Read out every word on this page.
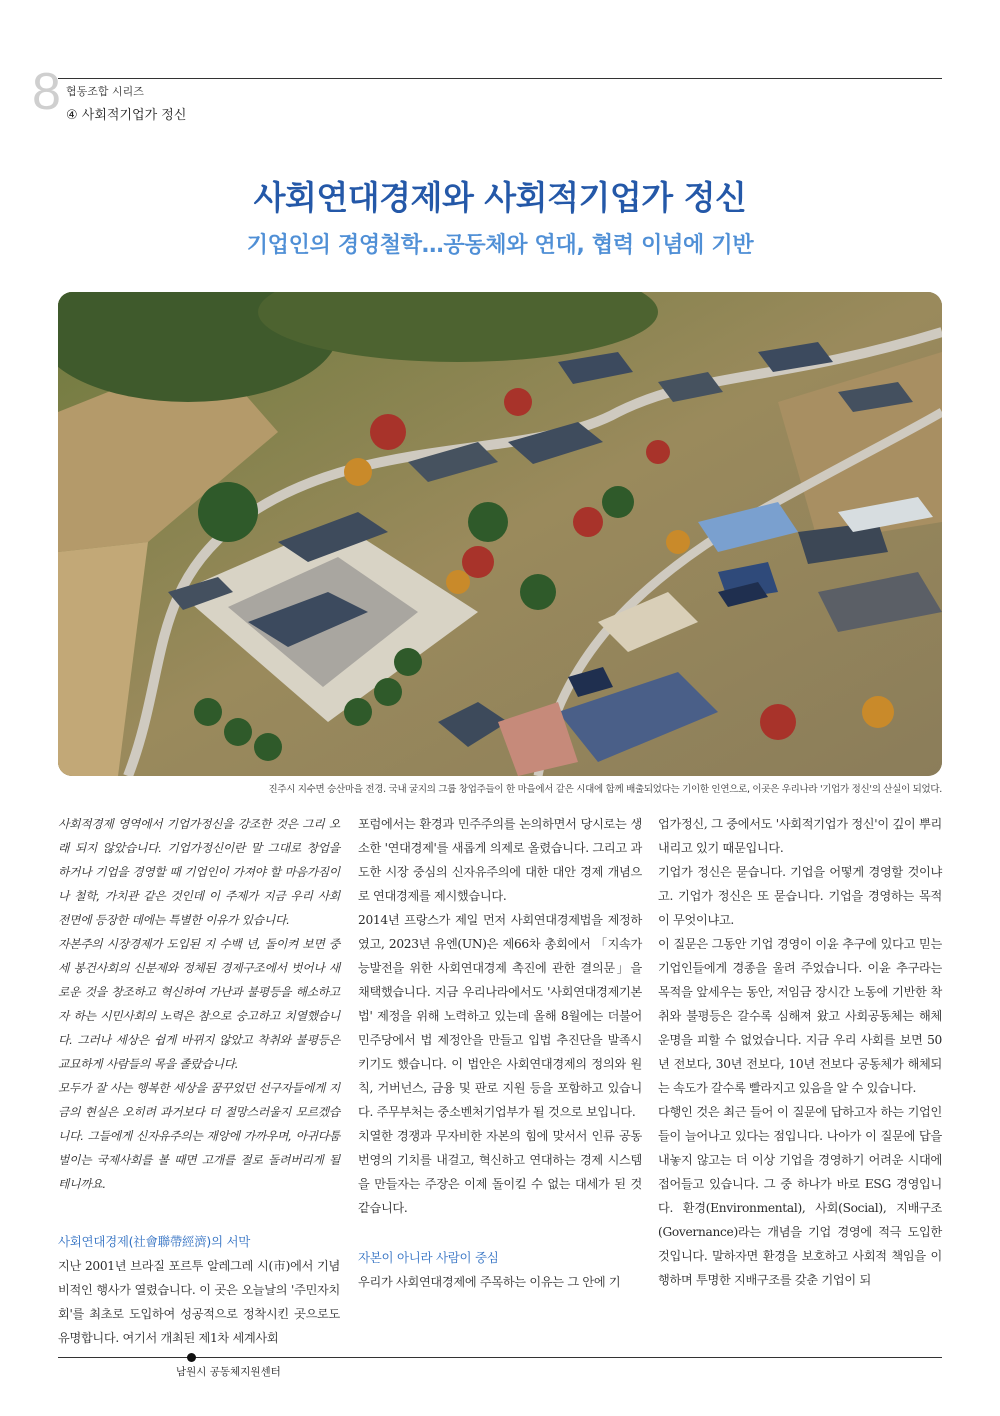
8 협동조합 시리즈
④ 사회적기업가 정신
사회연대경제와 사회적기업가 정신
기업인의 경영철학…공동체와 연대, 협력 이념에 기반
진주시 지수면 승산마을 전경. 국내 굴지의 그룹 창업주들이 한 마을에서 같은 시대에 함께 배출되었다는 기이한 인연으로, 이곳은 우리나라 '기업가 정신'의 산실이 되었다.

사회적경제 영역에서 기업가정신을 강조한 것은 그리 오래 되지 않았습니다. 기업가정신이란 말 그대로 창업을 하거나 기업을 경영할 때 기업인이 가져야 할 마음가짐이나 철학, 가치관 같은 것인데 이 주제가 지금 우리 사회 전면에 등장한 데에는 특별한 이유가 있습니다.

자본주의 시장경제가 도입된 지 수백 년, 돌이켜 보면 중세 봉건사회의 신분제와 정체된 경제구조에서 벗어나 새로운 것을 창조하고 혁신하여 가난과 불평등을 해소하고자 하는 시민사회의 노력은 참으로 숭고하고 치열했습니다. 그러나 세상은 쉽게 바뀌지 않았고 착취와 불평등은 교묘하게 사람들의 목을 졸랐습니다.

모두가 잘 사는 행복한 세상을 꿈꾸었던 선구자들에게 지금의 현실은 오히려 과거보다 더 절망스러울지 모르겠습니다. 그들에게 신자유주의는 재앙에 가까우며, 아귀다툼 벌이는 국제사회를 볼 때면 고개를 절로 돌려버리게 될 테니까요.

사회연대경제(社會聯帶經濟)의 서막

지난 2001년 브라질 포르투 알레그레 시(市)에서 기념비적인 행사가 열렸습니다. 이 곳은 오늘날의 '주민자치회'를 최초로 도입하여 성공적으로 정착시킨 곳으로도 유명합니다. 여기서 개최된 제1차 세계사회

포럼에서는 환경과 민주주의를 논의하면서 당시로는 생소한 '연대경제'를 새롭게 의제로 올렸습니다. 그리고 과도한 시장 중심의 신자유주의에 대한 대안 경제 개념으로 연대경제를 제시했습니다.

2014년 프랑스가 제일 먼저 사회연대경제법을 제정하였고, 2023년 유엔(UN)은 제66차 총회에서 「지속가능발전을 위한 사회연대경제 촉진에 관한 결의문」을 채택했습니다. 지금 우리나라에서도 '사회연대경제기본법' 제정을 위해 노력하고 있는데 올해 8월에는 더불어민주당에서 법 제정안을 만들고 입법 추진단을 발족시키기도 했습니다. 이 법안은 사회연대경제의 정의와 원칙, 거버넌스, 금융 및 판로 지원 등을 포함하고 있습니다. 주무부처는 중소벤처기업부가 될 것으로 보입니다.

치열한 경쟁과 무자비한 자본의 힘에 맞서서 인류 공동 번영의 기치를 내걸고, 혁신하고 연대하는 경제 시스템을 만들자는 주장은 이제 돌이킬 수 없는 대세가 된 것 같습니다.

자본이 아니라 사람이 중심

우리가 사회연대경제에 주목하는 이유는 그 안에 기

업가정신, 그 중에서도 '사회적기업가 정신'이 깊이 뿌리내리고 있기 때문입니다.

기업가 정신은 묻습니다. 기업을 어떻게 경영할 것이냐고. 기업가 정신은 또 묻습니다. 기업을 경영하는 목적이 무엇이냐고.

이 질문은 그동안 기업 경영이 이윤 추구에 있다고 믿는 기업인들에게 경종을 울려 주었습니다. 이윤 추구라는 목적을 앞세우는 동안, 저임금 장시간 노동에 기반한 착취와 불평등은 갈수록 심해져 왔고 사회공동체는 해체 운명을 피할 수 없었습니다. 지금 우리 사회를 보면 50년 전보다, 30년 전보다, 10년 전보다 공동체가 해체되는 속도가 갈수록 빨라지고 있음을 알 수 있습니다.

다행인 것은 최근 들어 이 질문에 답하고자 하는 기업인들이 늘어나고 있다는 점입니다. 나아가 이 질문에 답을 내놓지 않고는 더 이상 기업을 경영하기 어려운 시대에 접어들고 있습니다. 그 중 하나가 바로 ESG 경영입니다. 환경(Environmental), 사회(Social), 지배구조(Governance)라는 개념을 기업 경영에 적극 도입한 것입니다. 말하자면 환경을 보호하고 사회적 책임을 이행하며 투명한 지배구조를 갖춘 기업이 되

남원시 공동체지원센터
